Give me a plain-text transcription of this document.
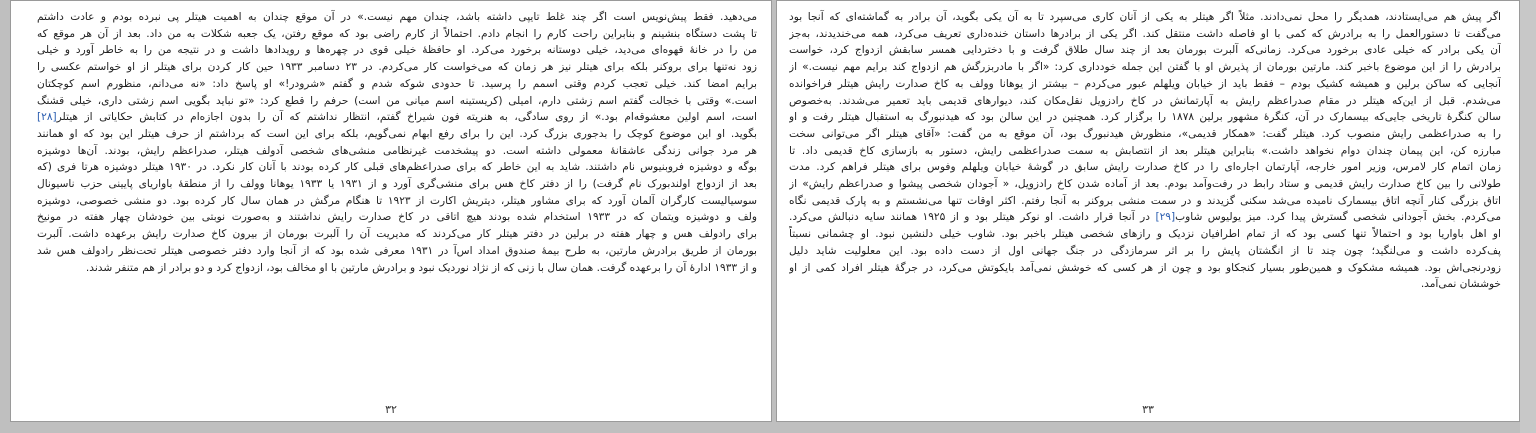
می‌دهید. فقط پیش‌نویس است اگر چند غلط تایپی داشته باشد، چندان مهم نیست.» در آن موقع چندان به اهمیت هیتلر پی نبرده بودم و عادت داشتم
تا پشت دستگاه بنشینم و بنابراین راحت کارم را انجام دادم. احتمالاً از کارم راضی بود که موقع رفتن، یک جعبه شکلات به من داد. بعد از آن هر موقع که
من را در خانهٔ قهوه‌ای می‌دید، خیلی دوستانه برخورد می‌کرد. او حافظهٔ خیلی قوی در چهره‌ها و رویدادها داشت و در نتیجه من را به خاطر آورد و خیلی
زود نه‌تنها برای بروکنر بلکه برای هیتلر نیز هر زمان که می‌خواست کار می‌کردم. در ۲۳ دسامبر ۱۹۳۳ حین کار کردن برای هیتلر از او خواستم عکسی را
برایم امضا کند. خیلی تعجب کردم وقتی اسمم را پرسید. تا حدودی شوکه شدم و گفتم «شرودر!» او پاسخ داد: «نه می‌دانم، منظورم اسم کوچکتان
است.» وقتی با خجالت گفتم اسم زشتی دارم، امیلی (کریستینه اسم میانی من است) حرفم را قطع کرد: «تو نباید بگویی اسم زشتی داری، خیلی قشنگ
است، اسم اولین معشوقه‌ام بود.» از روی سادگی، به هنریته فون شیراخ گفتم، انتظار نداشتم که آن را بدون اجازه‌ام در کتابش حکایاتی از هیتلر[۲۸]
بگوید. او این موضوع کوچک را بدجوری بزرگ کرد. این را برای رفع ابهام نمی‌گویم، بلکه برای این است که برداشتم از حرف هیتلر این بود که او همانند
هر مرد جوانی زندگی عاشقانهٔ معمولی داشته است. دو پیشخدمت غیرنظامی منشی‌های شخصی آدولف هیتلر، صدراعظم رایش، بودند. آن‌ها دوشیزه
بوگه و دوشیزه فروبنیوس نام داشتند. شاید به این خاطر که برای صدراعظم‌های قبلی کار کرده بودند با آنان کار نکرد. در ۱۹۳۰ هیتلر دوشیزه هرتا فری (که
بعد از ازدواج اولندبورک نام گرفت) را از دفتر کاخ هس برای منشی‌گری آورد و از ۱۹۳۱ یا ۱۹۳۳ یوهانا وولف را از منطقهٔ باواریای پایینی حزب ناسیونال
سوسیالیست کارگران آلمان آورد که برای مشاور هیتلر، دیتریش اکارت از ۱۹۲۳ تا هنگام مرگش در همان سال کار کرده بود. دو منشی خصوصی، دوشیزه
ولف و دوشیزه ویتمان که در ۱۹۳۳ استخدام شده بودند هیچ اتاقی در کاخ صدارت رایش نداشتند و به‌صورت نوبتی بین خودشان چهار هفته در مونیخ
برای رادولف هس و چهار هفته در برلین در دفتر هیتلر کار می‌کردند که مدیریت آن را آلبرت بورمان از بیرون کاخ صدارت رایش برعهده داشت. آلبرت
بورمان از طریق برادرش مارتین، به طرح بیمهٔ صندوق امداد اس‌آ در ۱۹۳۱ معرفی شده بود که از آنجا وارد دفتر خصوصی هیتلر تحت‌نظر رادولف هس شد
و از ۱۹۳۳ ادارهٔ آن را برعهده گرفت. همان سال با زنی که از نژاد نوردیک نبود و برادرش مارتین با او مخالف بود، ازدواج کرد و دو برادر از هم متنفر شدند.
۳۲
اگر پیش هم می‌ایستادند، همدیگر را محل نمی‌دادند. مثلاً اگر هیتلر به یکی از آنان کاری می‌سپرد تا به آن یکی بگوید، آن برادر به گماشته‌ای که آنجا بود
می‌گفت تا دستورالعمل را به برادرش که کمی با او فاصله داشت منتقل کند. اگر یکی از برادرها داستان خنده‌داری تعریف می‌کرد، همه می‌خندیدند، به‌جز
آن یکی برادر که خیلی عادی برخورد می‌کرد. زمانی‌که آلبرت بورمان بعد از چند سال طلاق گرفت و با دختردایی همسر سابقش ازدواج کرد، خواست
برادرش را از این موضوع باخبر کند. مارتین بورمان از پذیرش او با گفتن این جمله خودداری کرد: «اگر با مادربزرگش هم ازدواج کند برایم مهم نیست.» از
آنجایی که ساکن برلین و همیشه کشیک بودم – فقط باید از خیابان ویلهلم عبور می‌کردم – بیشتر از یوهانا وولف به کاخ صدارت رایش هیتلر فراخوانده
می‌شدم. قبل از این‌که هیتلر در مقام صدراعظم رایش به آپارتمانش در کاخ رادزویل نقل‌مکان کند، دیوارهای قدیمی باید تعمیر می‌شدند. به‌خصوص
سالن کنگرهٔ تاریخی جایی‌که بیسمارک در آن، کنگرهٔ مشهور برلین ۱۸۷۸ را برگزار کرد. همچنین در این سالن بود که هیدنبورگ به استقبال هیتلر رفت و او
را به صدراعظمی رایش منصوب کرد. هیتلر گفت: «همکار قدیمی»، منظورش هیدنبورگ بود، آن موقع به من گفت: «آقای هیتلر اگر می‌توانی سخت
مبارزه کن، این پیمان چندان دوام نخواهد داشت.» بنابراین هیتلر بعد از انتصابش به سمت صدراعظمی رایش، دستور به بازسازی کاخ قدیمی داد. تا
زمان اتمام کار لامرس، وزیر امور خارجه، آپارتمان اجاره‌ای را در کاخ صدارت رایش سابق در گوشهٔ خیابان ویلهلم وفوس برای هیتلر فراهم کرد. مدت
طولانی را بین کاخ صدارت رایش قدیمی و ستاد رابط در رفت‌وآمد بودم. بعد از آماده شدن کاخ رادزویل، « آجودان شخصی پیشوا و صدراعظم رایش» از
اتاق بزرگی کنار آنچه اتاق بیسمارک نامیده می‌شد سکنی گزیدند و در سمت منشی بروکنر به آنجا رفتم. اکثر اوقات تنها می‌نشستم و به پارک قدیمی نگاه
می‌کردم. بخش آجودانی شخصی گسترش پیدا کرد. میز یولیوس شاوب[۲۹] در آنجا قرار داشت. او نوکر هیتلر بود و از ۱۹۲۵ همانند سایه دنبالش می‌کرد.
او اهل باواریا بود و احتمالاً تنها کسی بود که از تمام اطرافیان نزدیک و رازهای شخصی هیتلر باخبر بود. شاوب خیلی دلنشین نبود. او چشمانی نسبتاً
پف‌کرده داشت و می‌لنگید؛ چون چند تا از انگشتان پایش را بر اثر سرمازدگی در جنگ جهانی اول از دست داده بود. این معلولیت شاید دلیل
زودرنجی‌اش بود. همیشه مشکوک و همین‌طور بسیار کنجکاو بود و چون از هر کسی که خوشش نمی‌آمد بایکوتش می‌کرد، در جرگهٔ هیتلر افراد کمی از او
خوششان نمی‌آمد.
۳۳
